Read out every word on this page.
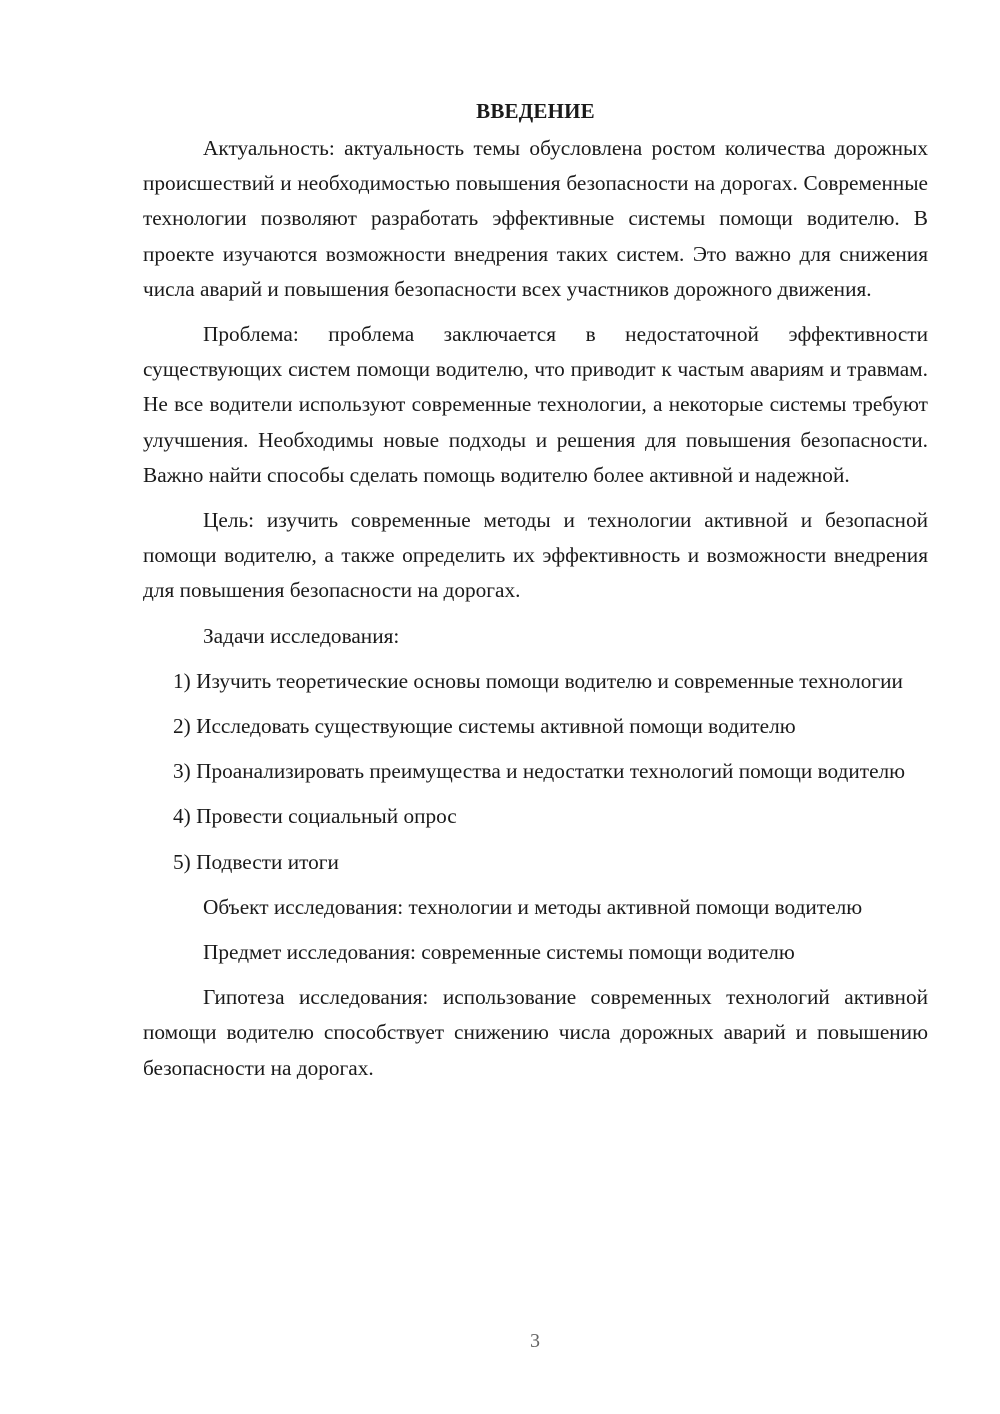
ВВЕДЕНИЕ

Актуальность: актуальность темы обусловлена ростом количества дорожных происшествий и необходимостью повышения безопасности на дорогах. Современные технологии позволяют разработать эффективные системы помощи водителю. В проекте изучаются возможности внедрения таких систем. Это важно для снижения числа аварий и повышения безопасности всех участников дорожного движения.

Проблема: проблема заключается в недостаточной эффективности существующих систем помощи водителю, что приводит к частым авариям и травмам. Не все водители используют современные технологии, а некоторые системы требуют улучшения. Необходимы новые подходы и решения для повышения безопасности. Важно найти способы сделать помощь водителю более активной и надежной.

Цель: изучить современные методы и технологии активной и безопасной помощи водителю, а также определить их эффективность и возможности внедрения для повышения безопасности на дорогах.

Задачи исследования:

1) Изучить теоретические основы помощи водителю и современные технологии

2) Исследовать существующие системы активной помощи водителю

3) Проанализировать преимущества и недостатки технологий помощи водителю

4) Провести социальный опрос

5) Подвести итоги

Объект исследования: технологии и методы активной помощи водителю

Предмет исследования: современные системы помощи водителю

Гипотеза исследования: использование современных технологий активной помощи водителю способствует снижению числа дорожных аварий и повышению безопасности на дорогах.

3
